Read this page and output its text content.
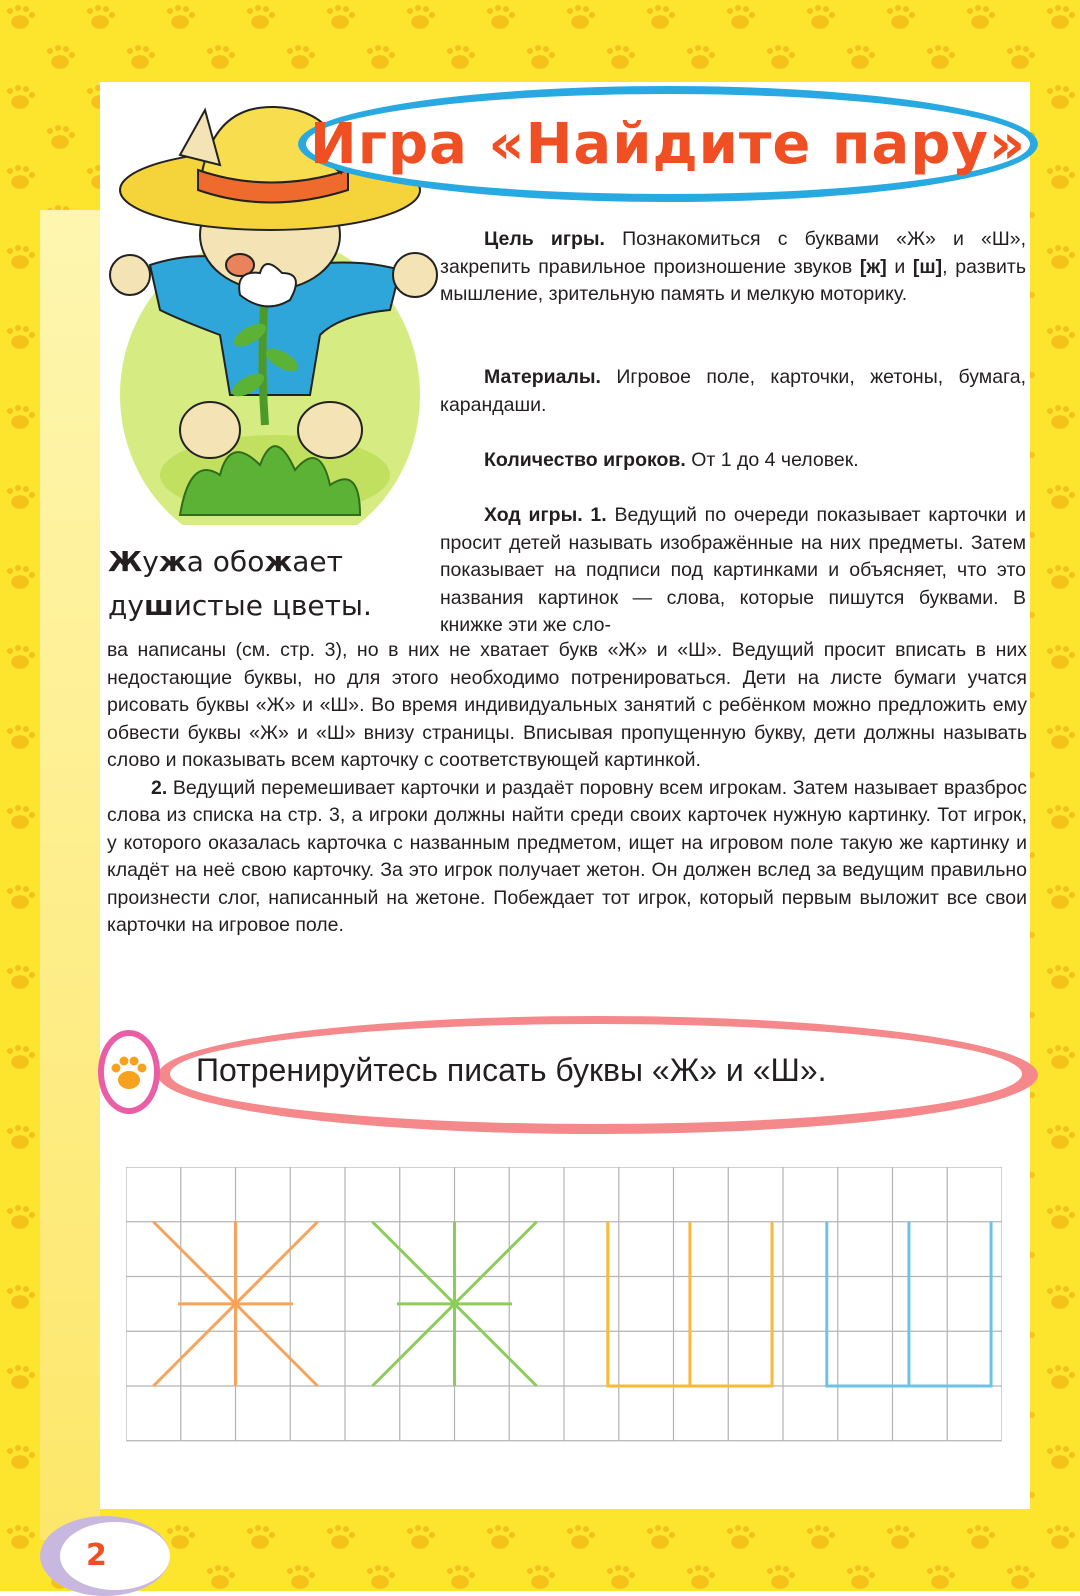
Игра «Найдите пару»
Жужа обожает
душистые цветы.
Цель игры. Познакомиться с буквами «Ж» и «Ш», закрепить правильное произношение звуков [ж] и [ш], развить мышление, зрительную память и мелкую моторику.
Материалы. Игровое поле, карточки, жетоны, бумага, карандаши.
Количество игроков. От 1 до 4 человек.
Ход игры. 1. Ведущий по очереди показывает карточки и просит детей называть изображённые на них предметы. Затем показывает на подписи под картинками и объясняет, что это названия картинок — слова, которые пишутся буквами. В книжке эти же сло-
ва написаны (см. стр. 3), но в них не хватает букв «Ж» и «Ш». Ведущий просит вписать в них недостающие буквы, но для этого необходимо потренироваться. Дети на листе бумаги учатся рисовать буквы «Ж» и «Ш». Во время индивидуальных занятий с ребёнком можно предложить ему обвести буквы «Ж» и «Ш» внизу страницы. Вписывая пропущенную букву, дети должны называть слово и показывать всем карточку с соответствующей картинкой.
2. Ведущий перемешивает карточки и раздаёт поровну всем игрокам. Затем называет вразброс слова из списка на стр. 3, а игроки должны найти среди своих карточек нужную картинку. Тот игрок, у которого оказалась карточка с названным предметом, ищет на игровом поле такую же картинку и кладёт на неё свою карточку. За это игрок получает жетон. Он должен вслед за ведущим правильно произнести слог, написанный на жетоне. Побеждает тот игрок, который первым выложит все свои карточки на игровое поле.
Потренируйтесь писать буквы «Ж» и «Ш».
2
